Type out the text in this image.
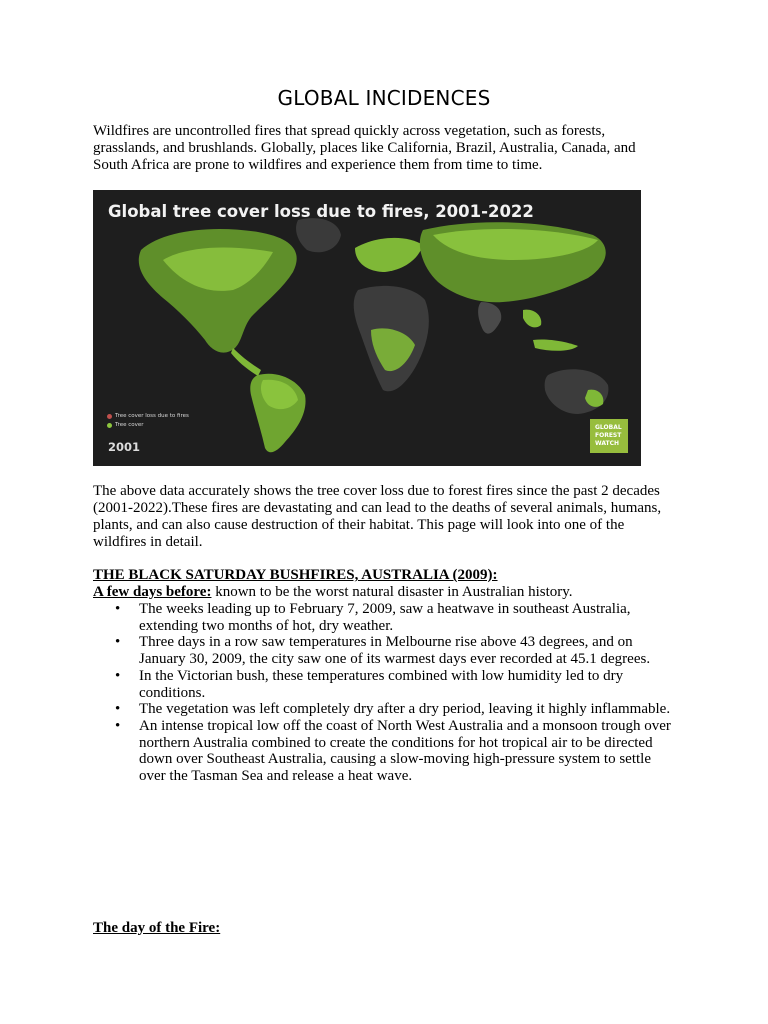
GLOBAL INCIDENCES
Wildfires are uncontrolled fires that spread quickly across vegetation, such as forests, grasslands, and brushlands. Globally, places like California, Brazil, Australia, Canada, and South Africa are prone to wildfires and experience them from time to time.
Global tree cover loss due to fires, 2001-2022
Tree cover loss due to fires
Tree cover
2001
GLOBAL
FOREST
WATCH
The above data accurately shows the tree cover loss due to forest fires since the past 2 decades (2001-2022).These fires are devastating and can lead to the deaths of several animals, humans, plants, and can also cause destruction of their habitat. This page will look into one of the wildfires in detail.
THE BLACK SATURDAY BUSHFIRES, AUSTRALIA (2009):
A few days before: known to be the worst natural disaster in Australian history.
• The weeks leading up to February 7, 2009, saw a heatwave in southeast Australia, extending two months of hot, dry weather.
• Three days in a row saw temperatures in Melbourne rise above 43 degrees, and on January 30, 2009, the city saw one of its warmest days ever recorded at 45.1 degrees.
• In the Victorian bush, these temperatures combined with low humidity led to dry conditions.
• The vegetation was left completely dry after a dry period, leaving it highly inflammable.
• An intense tropical low off the coast of North West Australia and a monsoon trough over northern Australia combined to create the conditions for hot tropical air to be directed down over Southeast Australia, causing a slow-moving high-pressure system to settle over the Tasman Sea and release a heat wave.
The day of the Fire:
